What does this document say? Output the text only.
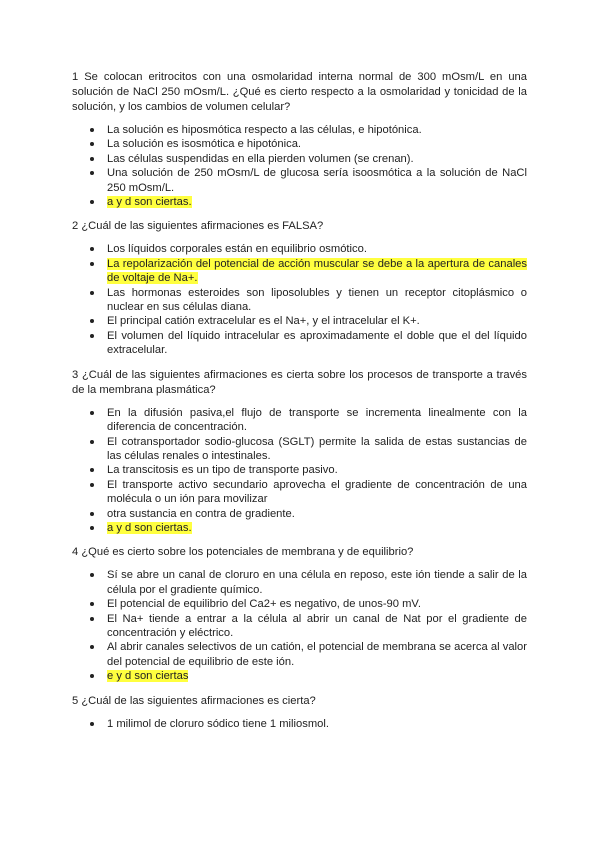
1 Se colocan eritrocitos con una osmolaridad interna normal de 300 mOsm/L en una solución de NaCl 250 mOsm/L. ¿Qué es cierto respecto a la osmolaridad y tonicidad de la solución, y los cambios de volumen celular?

La solución es hiposmótica respecto a las células, e hipotónica.
La solución es isosmótica e hipotónica.
Las células suspendidas en ella pierden volumen (se crenan).
Una solución de 250 mOsm/L de glucosa sería isoosmótica a la solución de NaCl 250 mOsm/L.
a y d son ciertas.

2 ¿Cuál de las siguientes afirmaciones es FALSA?

Los líquidos corporales están en equilibrio osmótico.
La repolarización del potencial de acción muscular se debe a la apertura de canales de voltaje de Na+.
Las hormonas esteroides son liposolubles y tienen un receptor citoplásmico o nuclear en sus células diana.
El principal catión extracelular es el Na+, y el intracelular el K+.
El volumen del líquido intracelular es aproximadamente el doble que el del líquido extracelular.

3 ¿Cuál de las siguientes afirmaciones es cierta sobre los procesos de transporte a través de la membrana plasmática?

En la difusión pasiva,el flujo de transporte se incrementa linealmente con la diferencia de concentración.
El cotransportador sodio-glucosa (SGLT) permite la salida de estas sustancias de las células renales o intestinales.
La transcitosis es un tipo de transporte pasivo.
El transporte activo secundario aprovecha el gradiente de concentración de una molécula o un ión para movilizar
otra sustancia en contra de gradiente.
a y d son ciertas.

4 ¿Qué es cierto sobre los potenciales de membrana y de equilibrio?

Sí se abre un canal de cloruro en una célula en reposo, este ión tiende a salir de la célula por el gradiente químico.
El potencial de equilibrio del Ca2+ es negativo, de unos-90 mV.
El Na+ tiende a entrar a la célula al abrir un canal de Nat por el gradiente de concentración y eléctrico.
Al abrir canales selectivos de un catión, el potencial de membrana se acerca al valor del potencial de equilibrio de este ión.
e y d son ciertas

5 ¿Cuál de las siguientes afirmaciones es cierta?

1 milimol de cloruro sódico tiene 1 miliosmol.
